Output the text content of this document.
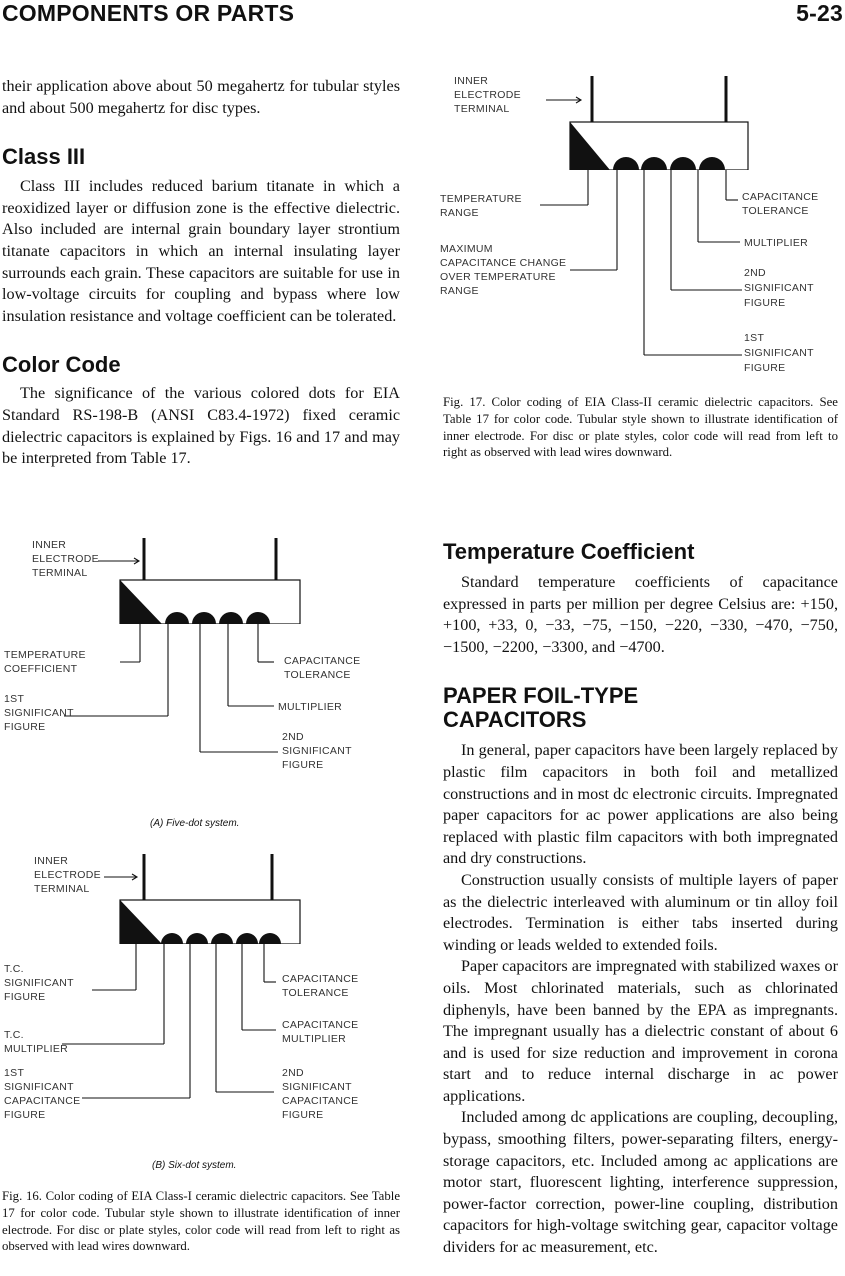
COMPONENTS OR PARTS	5-23

their application above about 50 megahertz for tubular styles and about 500 megahertz for disc types.

Class III

Class III includes reduced barium titanate in which a reoxidized layer or diffusion zone is the effective dielectric. Also included are internal grain boundary layer strontium titanate capacitors in which an internal insulating layer surrounds each grain. These capacitors are suitable for use in low-voltage circuits for coupling and bypass where low insulation resistance and voltage coefficient can be tolerated.

Color Code

The significance of the various colored dots for EIA Standard RS-198-B (ANSI C83.4-1972) fixed ceramic dielectric capacitors is explained by Figs. 16 and 17 and may be interpreted from Table 17.

INNER
ELECTRODE
TERMINAL
TEMPERATURE
RANGE
MAXIMUM
CAPACITANCE CHANGE
OVER TEMPERATURE
RANGE
CAPACITANCE
TOLERANCE
MULTIPLIER
2ND
SIGNIFICANT
FIGURE
1ST
SIGNIFICANT
FIGURE
Fig. 17. Color coding of EIA Class-II ceramic dielectric capacitors. See Table 17 for color code. Tubular style shown to illustrate identification of inner electrode. For disc or plate styles, color code will read from left to right as observed with lead wires downward.
INNER
ELECTRODE
TERMINAL
TEMPERATURE
COEFFICIENT
1ST
SIGNIFICANT
FIGURE
CAPACITANCE
TOLERANCE
MULTIPLIER
2ND
SIGNIFICANT
FIGURE
(A) Five-dot system.
INNER
ELECTRODE
TERMINAL
T.C.
SIGNIFICANT
FIGURE
T.C.
MULTIPLIER
1ST
SIGNIFICANT
CAPACITANCE
FIGURE
CAPACITANCE
TOLERANCE
CAPACITANCE
MULTIPLIER
2ND
SIGNIFICANT
CAPACITANCE
FIGURE
(B) Six-dot system.
Fig. 16. Color coding of EIA Class-I ceramic dielectric capacitors. See Table 17 for color code. Tubular style shown to illustrate identification of inner electrode. For disc or plate styles, color code will read from left to right as observed with lead wires downward.
Temperature Coefficient

Standard temperature coefficients of capacitance expressed in parts per million per degree Celsius are: +150, +100, +33, 0, −33, −75, −150, −220, −330, −470, −750, −1500, −2200, −3300, and −4700.

PAPER FOIL-TYPE
CAPACITORS

In general, paper capacitors have been largely replaced by plastic film capacitors in both foil and metallized constructions and in most dc electronic circuits. Impregnated paper capacitors for ac power applications are also being replaced with plastic film capacitors with both impregnated and dry constructions.

Construction usually consists of multiple layers of paper as the dielectric interleaved with aluminum or tin alloy foil electrodes. Termination is either tabs inserted during winding or leads welded to extended foils.

Paper capacitors are impregnated with stabilized waxes or oils. Most chlorinated materials, such as chlorinated diphenyls, have been banned by the EPA as impregnants. The impregnant usually has a dielectric constant of about 6 and is used for size reduction and improvement in corona start and to reduce internal discharge in ac power applications.

Included among dc applications are coupling, decoupling, bypass, smoothing filters, power-separating filters, energy-storage capacitors, etc. Included among ac applications are motor start, fluorescent lighting, interference suppression, power-factor correction, power-line coupling, distribution capacitors for high-voltage switching gear, capacitor voltage dividers for ac measurement, etc.
